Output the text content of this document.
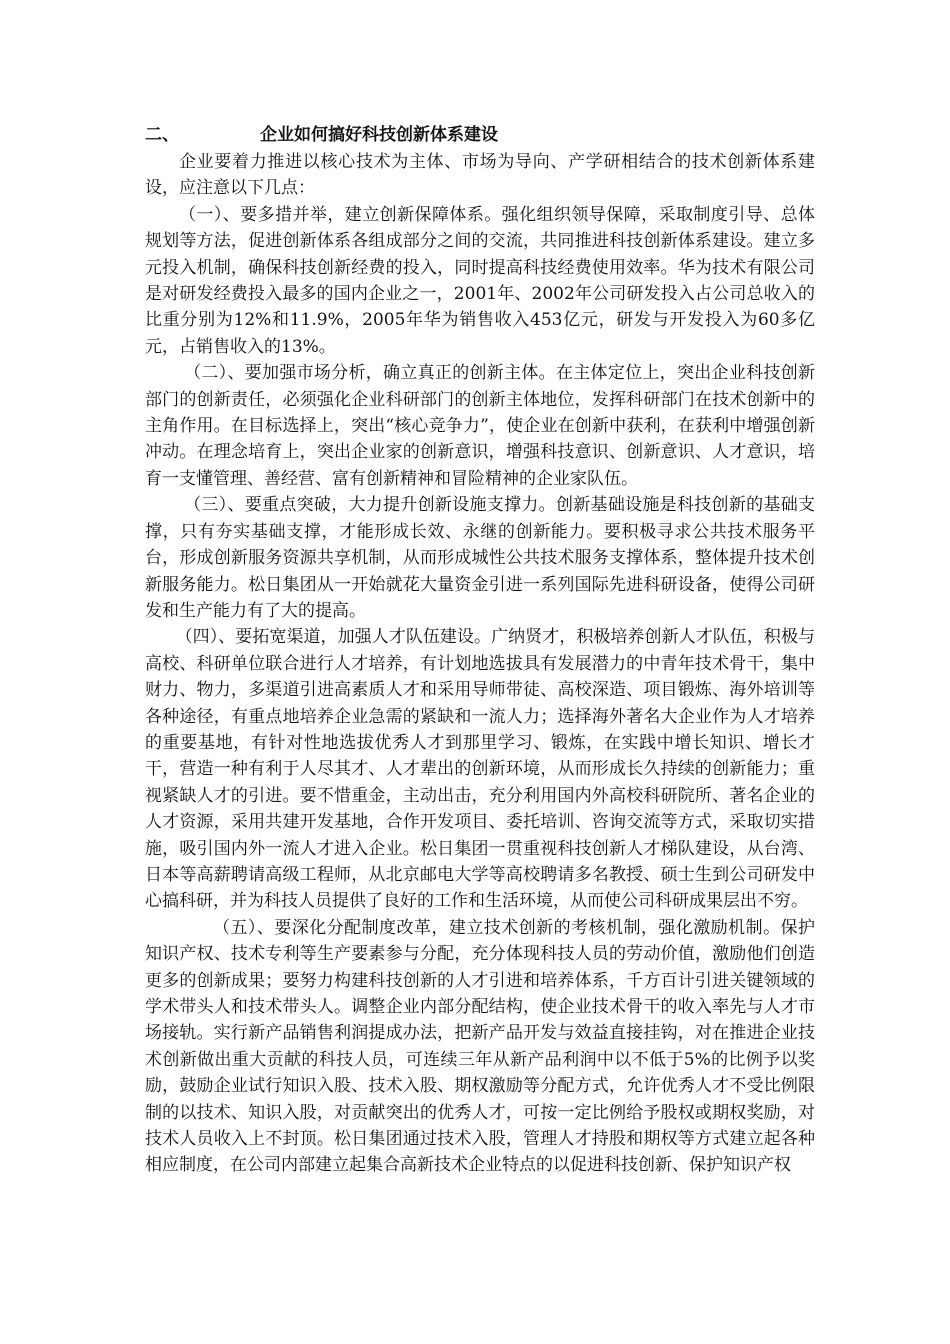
二、	企业如何搞好科技创新体系建设

企业要着力推进以核心技术为主体、市场为导向、产学研相结合的技术创新体系建设，应注意以下几点：

（一）、要多措并举，建立创新保障体系。强化组织领导保障，采取制度引导、总体规划等方法，促进创新体系各组成部分之间的交流，共同推进科技创新体系建设。建立多元投入机制，确保科技创新经费的投入，同时提高科技经费使用效率。华为技术有限公司是对研发经费投入最多的国内企业之一，2001年、2002年公司研发投入占公司总收入的比重分别为12%和11.9%，2005年华为销售收入453亿元，研发与开发投入为60多亿元，占销售收入的13%。

（二）、要加强市场分析，确立真正的创新主体。在主体定位上，突出企业科技创新部门的创新责任，必须强化企业科研部门的创新主体地位，发挥科研部门在技术创新中的主角作用。在目标选择上，突出“核心竞争力”，使企业在创新中获利，在获利中增强创新冲动。在理念培育上，突出企业家的创新意识，增强科技意识、创新意识、人才意识，培育一支懂管理、善经营、富有创新精神和冒险精神的企业家队伍。

（三）、要重点突破，大力提升创新设施支撑力。创新基础设施是科技创新的基础支撑，只有夯实基础支撑，才能形成长效、永继的创新能力。要积极寻求公共技术服务平台，形成创新服务资源共享机制，从而形成城性公共技术服务支撑体系，整体提升技术创新服务能力。松日集团从一开始就花大量资金引进一系列国际先进科研设备，使得公司研发和生产能力有了大的提高。

（四）、要拓宽渠道，加强人才队伍建设。广纳贤才，积极培养创新人才队伍，积极与高校、科研单位联合进行人才培养，有计划地选拔具有发展潜力的中青年技术骨干，集中财力、物力，多渠道引进高素质人才和采用导师带徒、高校深造、项目锻炼、海外培训等各种途径，有重点地培养企业急需的紧缺和一流人力；选择海外著名大企业作为人才培养的重要基地，有针对性地选拔优秀人才到那里学习、锻炼，在实践中增长知识、增长才干，营造一种有利于人尽其才、人才辈出的创新环境，从而形成长久持续的创新能力；重视紧缺人才的引进。要不惜重金，主动出击，充分利用国内外高校科研院所、著名企业的人才资源，采用共建开发基地，合作开发项目、委托培训、咨询交流等方式，采取切实措施，吸引国内外一流人才进入企业。松日集团一贯重视科技创新人才梯队建设，从台湾、日本等高薪聘请高级工程师，从北京邮电大学等高校聘请多名教授、硕士生到公司研发中心搞科研，并为科技人员提供了良好的工作和生活环境，从而使公司科研成果层出不穷。

（五）、要深化分配制度改革，建立技术创新的考核机制，强化激励机制。保护知识产权、技术专利等生产要素参与分配，充分体现科技人员的劳动价值，激励他们创造更多的创新成果；要努力构建科技创新的人才引进和培养体系，千方百计引进关键领域的学术带头人和技术带头人。调整企业内部分配结构，使企业技术骨干的收入率先与人才市场接轨。实行新产品销售利润提成办法，把新产品开发与效益直接挂钩，对在推进企业技术创新做出重大贡献的科技人员，可连续三年从新产品利润中以不低于5%的比例予以奖励，鼓励企业试行知识入股、技术入股、期权激励等分配方式，允许优秀人才不受比例限制的以技术、知识入股，对贡献突出的优秀人才，可按一定比例给予股权或期权奖励，对技术人员收入上不封顶。松日集团通过技术入股，管理人才持股和期权等方式建立起各种相应制度，在公司内部建立起集合高新技术企业特点的以促进科技创新、保护知识产权
